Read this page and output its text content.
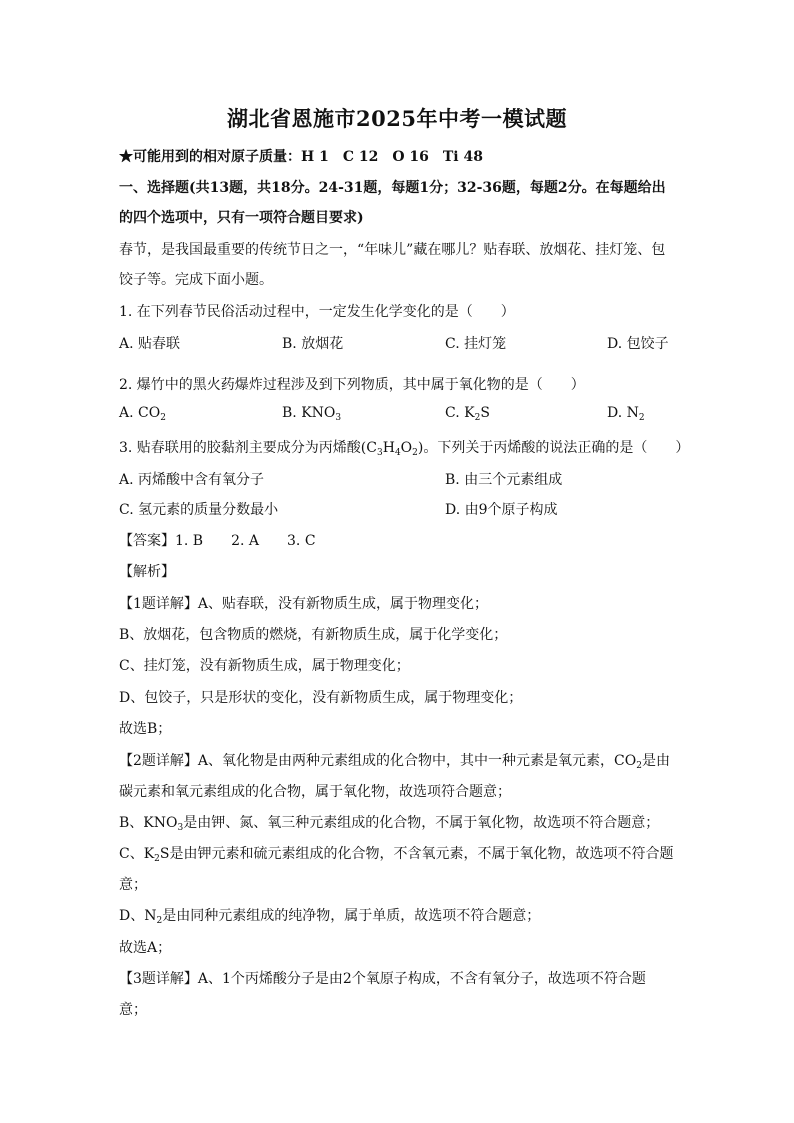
湖北省恩施市2025年中考一模试题
★可能用到的相对原子质量：H 1　C 12　O 16　Ti 48
一、选择题(共13题，共18分。24-31题，每题1分；32-36题，每题2分。在每题给出
的四个选项中，只有一项符合题目要求)
春节，是我国最重要的传统节日之一，“年味儿”藏在哪儿？贴春联、放烟花、挂灯笼、包
饺子等。完成下面小题。
1. 在下列春节民俗活动过程中，一定发生化学变化的是（　　）
A. 贴春联	B. 放烟花	C. 挂灯笼	D. 包饺子
2. 爆竹中的黑火药爆炸过程涉及到下列物质，其中属于氧化物的是（　　）
A. $CO_2$	B. $KNO_3$	C. $K_2S$	D. $N_2$
3. 贴春联用的胶黏剂主要成分为丙烯酸$(C_3H_4O_2)$。下列关于丙烯酸的说法正确的是（　　）
A. 丙烯酸中含有氧分子	B. 由三个元素组成
C. 氢元素的质量分数最小	D. 由9个原子构成
【答案】1. B　　2. A　　3. C
【解析】
【1题详解】A、贴春联，没有新物质生成，属于物理变化；
B、放烟花，包含物质的燃烧，有新物质生成，属于化学变化；
C、挂灯笼，没有新物质生成，属于物理变化；
D、包饺子，只是形状的变化，没有新物质生成，属于物理变化；
故选B；
【2题详解】A、氧化物是由两种元素组成的化合物中，其中一种元素是氧元素，$CO_2$是由
碳元素和氧元素组成的化合物，属于氧化物，故选项符合题意；
B、$KNO_3$是由钾、氮、氧三种元素组成的化合物，不属于氧化物，故选项不符合题意；
C、$K_2S$是由钾元素和硫元素组成的化合物，不含氧元素，不属于氧化物，故选项不符合题
意；
D、$N_2$是由同种元素组成的纯净物，属于单质，故选项不符合题意；
故选A；
【3题详解】A、1个丙烯酸分子是由2个氧原子构成，不含有氧分子，故选项不符合题
意；
